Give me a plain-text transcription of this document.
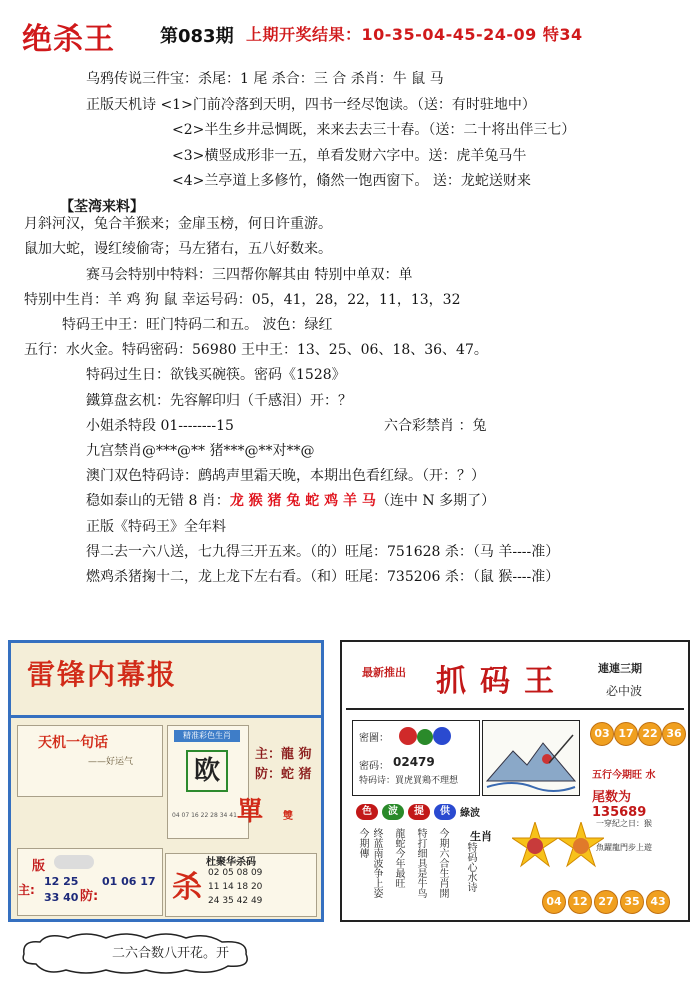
绝杀王	第083期 上期开奖结果：10-35-04-45-24-09 特34
乌鸦传说三件宝：杀尾：1 尾 杀合：三 合 杀肖：牛 鼠 马
正版天机诗 <1>门前冷落到天明，四书一经尽饱读。（送：有时驻地中）
<2>半生乡井忌惆既，来来去去三十春。（送：二十将出伴三七）
<3>横竖成形非一五，单看发财六字中。送：虎羊兔马牛
<4>兰亭道上多修竹，翛然一饱西窗下。 送：龙蛇送财来
【荃湾来料】
月斜河汉，兔合羊猴来；金扉玉榜，何日许重游。
鼠加大蛇，谩红绫偷寄；马左猪右，五八好数来。
赛马会特别中特料：三四帮你解其由 特别中单双：单
特别中生肖：羊 鸡 狗 鼠 幸运号码：05，41，28，22，11，13，32
特码王中王：旺门特码二和五。 波色：绿红
五行：水火金。特码密码：56980 王中王：13、25、06、18、36、47。
特码过生日：欲钱买碗筷。密码《1528》
鐵算盘玄机：先容解印归（千感泪）开：？
小姐杀特段 01--------15	六合彩禁肖 ：兔
九宫禁肖@***@** 猪***@**对**@
澳门双色特码诗：鹧鸪声里霜天晚，本期出色看红绿。（开：？）
稳如泰山的无错 8 肖：龙 猴 猪 兔 蛇 鸡 羊 马（连中 N 多期了）
正版《特码王》全年料
得二去一六八送，七九得三开五来。（的）旺尾：751628 杀：（马 羊----准）
燃鸡杀猪掬十二，龙上龙下左右看。（和）旺尾：735206 杀：（鼠 猴----准）
雷锋内幕报
天机一句话
——好运气
版
主:
12 25
33 40 防:
01 06 17
精准彩色生肖
欧
04 07 16 22 28 34 41
主：龍 狗
防：蛇 猪
單 雙
杀
杜聚华杀码
02 05 08 09
11 14 18 20
24 35 42 49
最新推出 抓码王	連連三期
必中波
密圖：
密码： 02479
特码诗：買虎買鶏不理想
03 17 22 36
五行今期旺 水
尾数为 135689
色	波	提	供	綠波
今期傳 终蓝南波争上姿 龍蛇今年最旺 特打细具是牛鸟 今期六合生肖開 特码心水诗
生肖
一穿紀之日：猴
魚躍龍門步上遊
04 12 27 35 43
二六合数八开花。开
